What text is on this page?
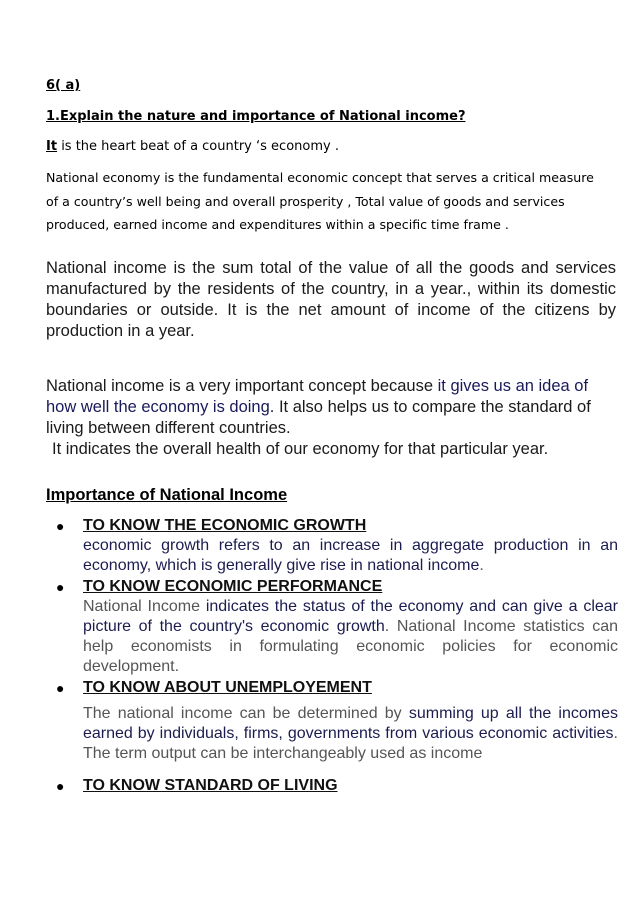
6( a)

1.Explain the nature and importance of National income?

It is the heart beat of a country ‘s economy .

National economy is the fundamental economic concept that serves a critical measure of a country’s well being and overall prosperity , Total value of goods and services produced, earned income and expenditures within a specific time frame .

National income is the sum total of the value of all the goods and services manufactured by the residents of the country, in a year., within its domestic boundaries or outside. It is the net amount of income of the citizens by production in a year.

National income is a very important concept because it gives us an idea of how well the economy is doing. It also helps us to compare the standard of living between different countries.
It indicates the overall health of our economy for that particular year.

Importance of National Income

● TO KNOW THE ECONOMIC GROWTH
economic growth refers to an increase in aggregate production in an economy, which is generally give rise in national income.
● TO KNOW ECONOMIC PERFORMANCE
National Income indicates the status of the economy and can give a clear picture of the country's economic growth. National Income statistics can help economists in formulating economic policies for economic development.
● TO KNOW ABOUT UNEMPLOYEMENT
The national income can be determined by summing up all the incomes earned by individuals, firms, governments from various economic activities. The term output can be interchangeably used as income
● TO KNOW STANDARD OF LIVING
